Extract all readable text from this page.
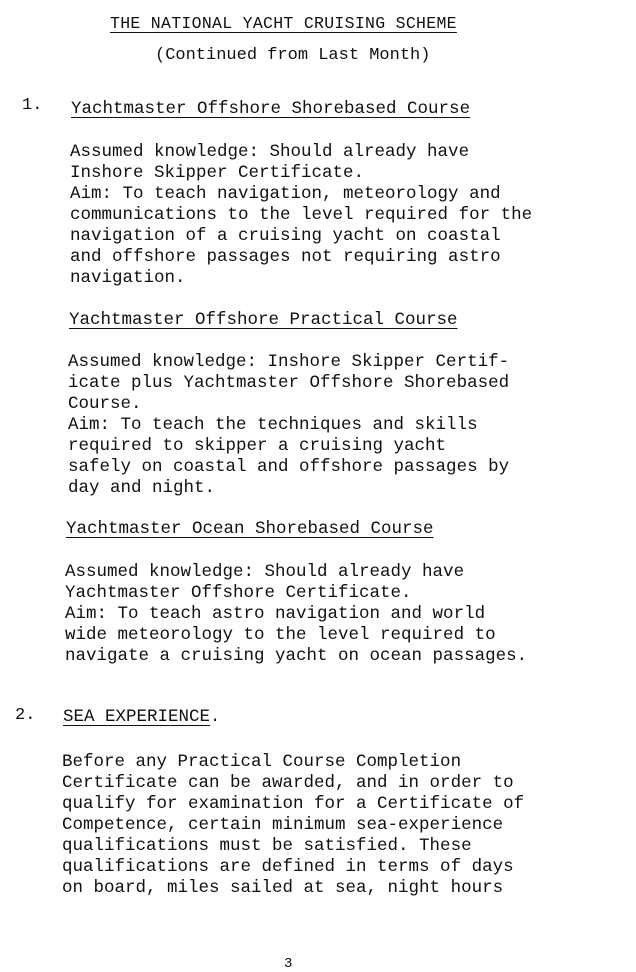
THE NATIONAL YACHT CRUISING SCHEME
(Continued from Last Month)
1. Yachtmaster Offshore Shorebased Course
Assumed knowledge: Should already have
Inshore Skipper Certificate.
Aim: To teach navigation, meteorology and
communications to the level required for the
navigation of a cruising yacht on coastal
and offshore passages not requiring astro
navigation.
Yachtmaster Offshore Practical Course
Assumed knowledge: Inshore Skipper Certif-
icate plus Yachtmaster Offshore Shorebased
Course.
Aim: To teach the techniques and skills
required to skipper a cruising yacht
safely on coastal and offshore passages by
day and night.
Yachtmaster Ocean Shorebased Course
Assumed knowledge: Should already have
Yachtmaster Offshore Certificate.
Aim: To teach astro navigation and world
wide meteorology to the level required to
navigate a cruising yacht on ocean passages.
2. SEA EXPERIENCE.
Before any Practical Course Completion
Certificate can be awarded, and in order to
qualify for examination for a Certificate of
Competence, certain minimum sea-experience
qualifications must be satisfied. These
qualifications are defined in terms of days
on board, miles sailed at sea, night hours
3
